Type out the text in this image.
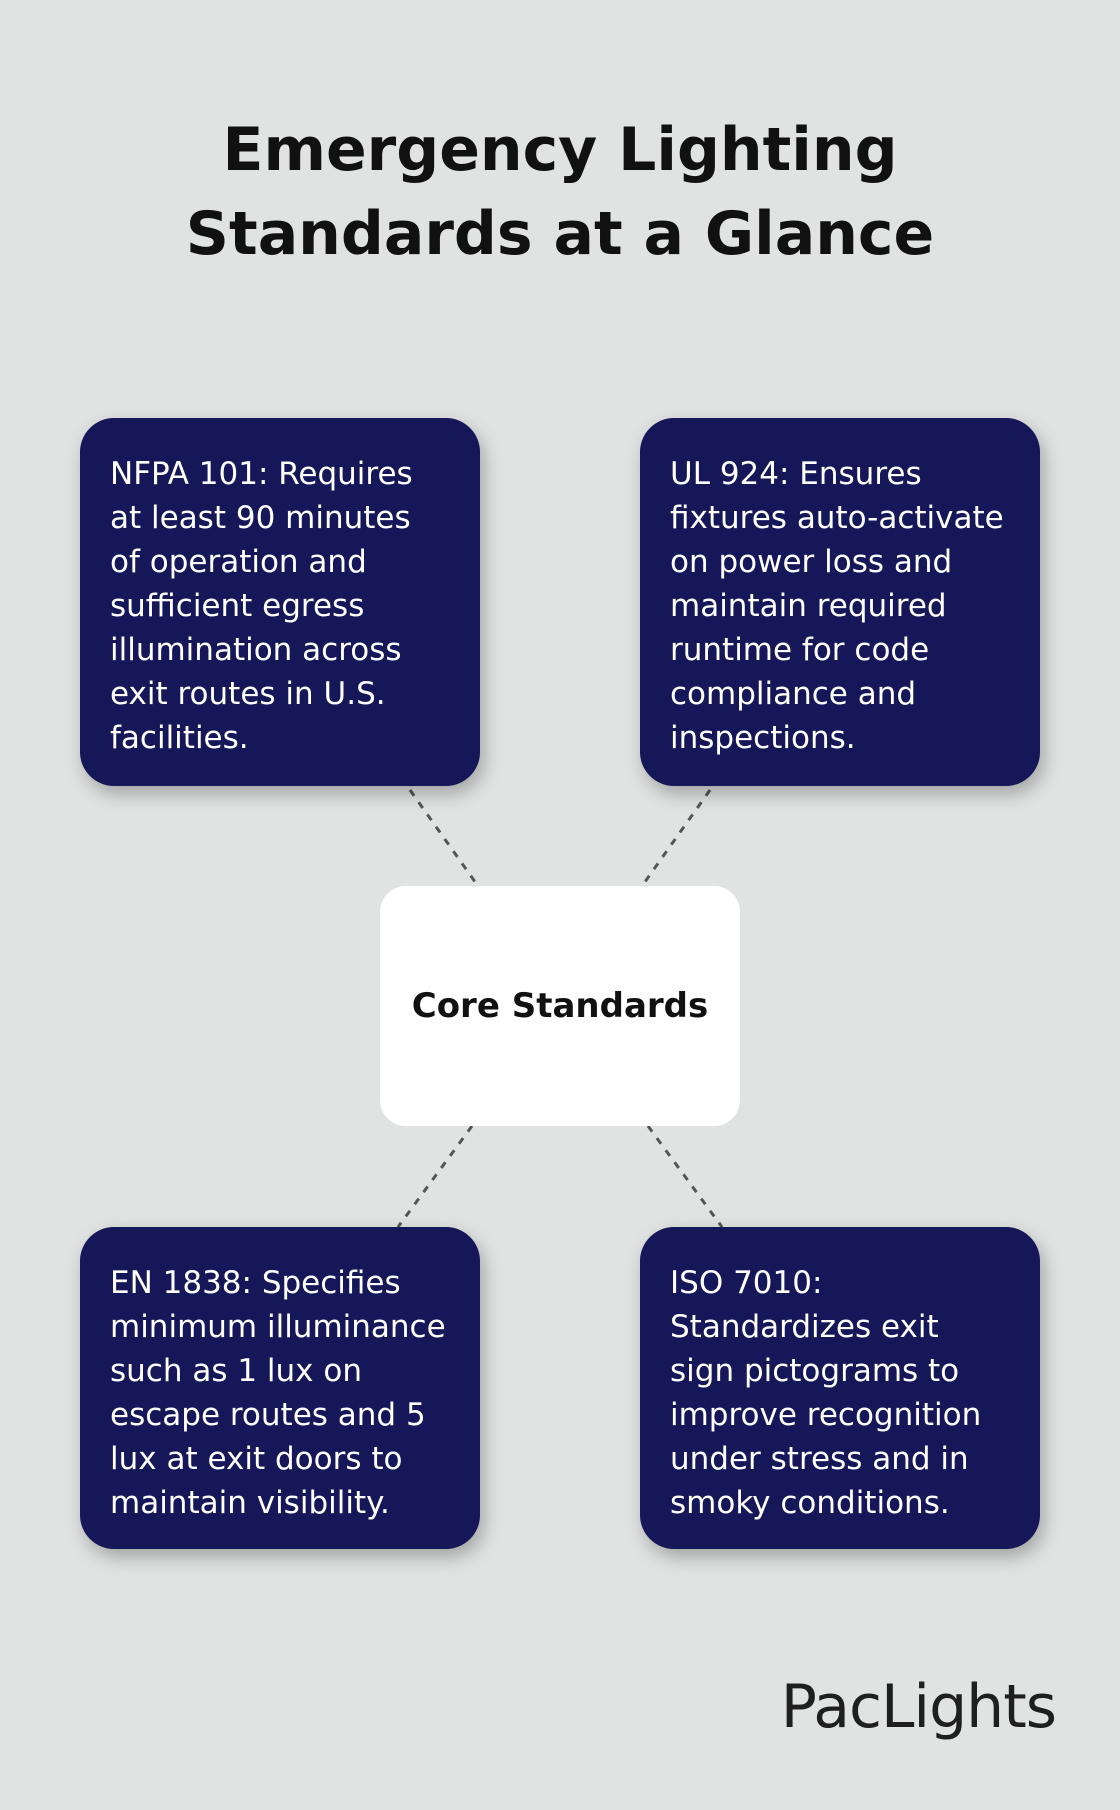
Emergency Lighting Standards at a Glance

NFPA 101: Requires at least 90 minutes of operation and sufficient egress illumination across exit routes in U.S. facilities.

UL 924: Ensures fixtures auto-activate on power loss and maintain required runtime for code compliance and inspections.

Core Standards

EN 1838: Specifies minimum illuminance such as 1 lux on escape routes and 5 lux at exit doors to maintain visibility.

ISO 7010: Standardizes exit sign pictograms to improve recognition under stress and in smoky conditions.

PacLights
